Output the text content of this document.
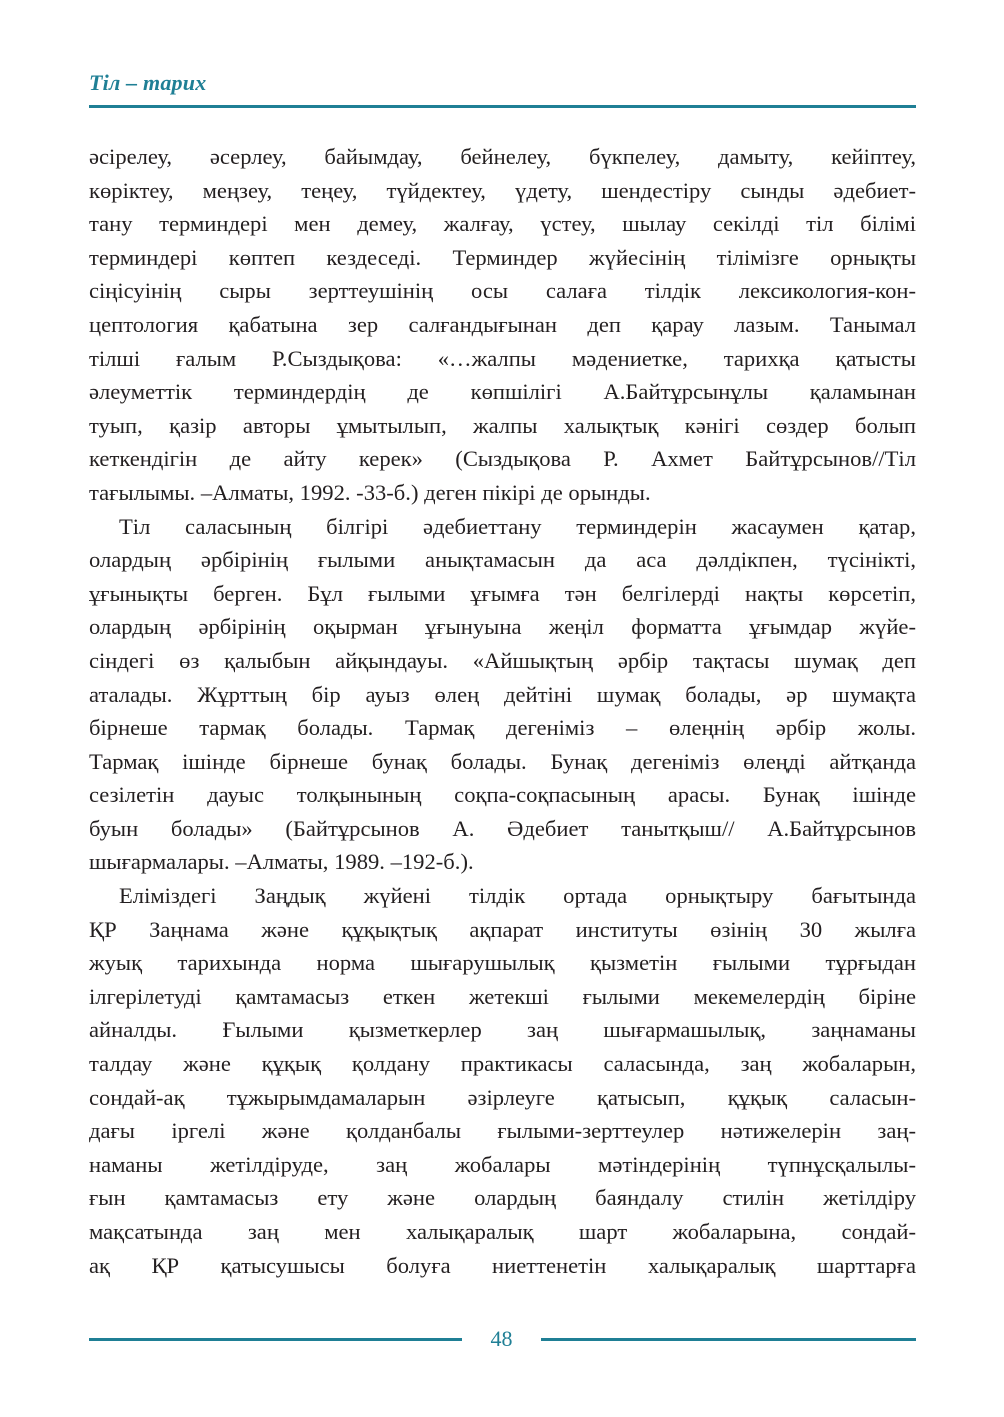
Тіл – тарих
әсірелеу, әсерлеу, байымдау, бейнелеу, бүкпелеу, дамыту, кейіптеу,
көріктеу, меңзеу, теңеу, түйдектеу, үдету, шендестіру сынды әдебиет-
тану терминдері мен демеу, жалғау, үстеу, шылау секілді тіл білімі
терминдері көптеп кездеседі. Терминдер жүйесінің тілімізге орнықты
сіңісуінің сыры зерттеушінің осы салаға тілдік лексикология-кон-
цептология қабатына зер салғандығынан деп қарау лазым. Танымал
тілші ғалым Р.Сыздықова: «…жалпы мәдениетке, тарихқа қатысты
әлеуметтік терминдердің де көпшілігі А.Байтұрсынұлы қаламынан
туып, қазір авторы ұмытылып, жалпы халықтық кәнігі сөздер болып
кеткендігін де айту керек» (Сыздықова Р. Ахмет Байтұрсынов//Тіл
тағылымы. –Алматы, 1992. -33-б.) деген пікірі де орынды.
Тіл саласының білгірі әдебиеттану терминдерін жасаумен қатар,
олардың әрбірінің ғылыми анықтамасын да аса дәлдікпен, түсінікті,
ұғынықты берген. Бұл ғылыми ұғымға тән белгілерді нақты көрсетіп,
олардың әрбірінің оқырман ұғынуына жеңіл форматта ұғымдар жүйе-
сіндегі өз қалыбын айқындауы. «Айшықтың әрбір тақтасы шумақ деп
аталады. Жұрттың бір ауыз өлең дейтіні шумақ болады, әр шумақта
бірнеше тармақ болады. Тармақ дегеніміз – өлеңнің әрбір жолы.
Тармақ ішінде бірнеше бунақ болады. Бунақ дегеніміз өлеңді айтқанда
сезілетін дауыс толқынының соқпа-соқпасының арасы. Бунақ ішінде
буын болады» (Байтұрсынов А. Әдебиет танытқыш// А.Байтұрсынов
шығармалары. –Алматы, 1989. –192-б.).
Еліміздегі Заңдық жүйені тілдік ортада орнықтыру бағытында
ҚР Заңнама және құқықтық ақпарат институты өзінің 30 жылға
жуық тарихында норма шығарушылық қызметін ғылыми тұрғыдан
ілгерілетуді қамтамасыз еткен жетекші ғылыми мекемелердің біріне
айналды. Ғылыми қызметкерлер заң шығармашылық, заңнаманы
талдау және құқық қолдану практикасы саласында, заң жобаларын,
сондай-ақ тұжырымдамаларын әзірлеуге қатысып, құқық саласын-
дағы іргелі және қолданбалы ғылыми-зерттеулер нәтижелерін заң-
наманы жетілдіруде, заң жобалары мәтіндерінің түпнұсқалылы-
ғын қамтамасыз ету және олардың баяндалу стилін жетілдіру
мақсатында заң мен халықаралық шарт жобаларына, сондай-
ақ ҚР қатысушысы болуға ниеттенетін халықаралық шарттарға
48
